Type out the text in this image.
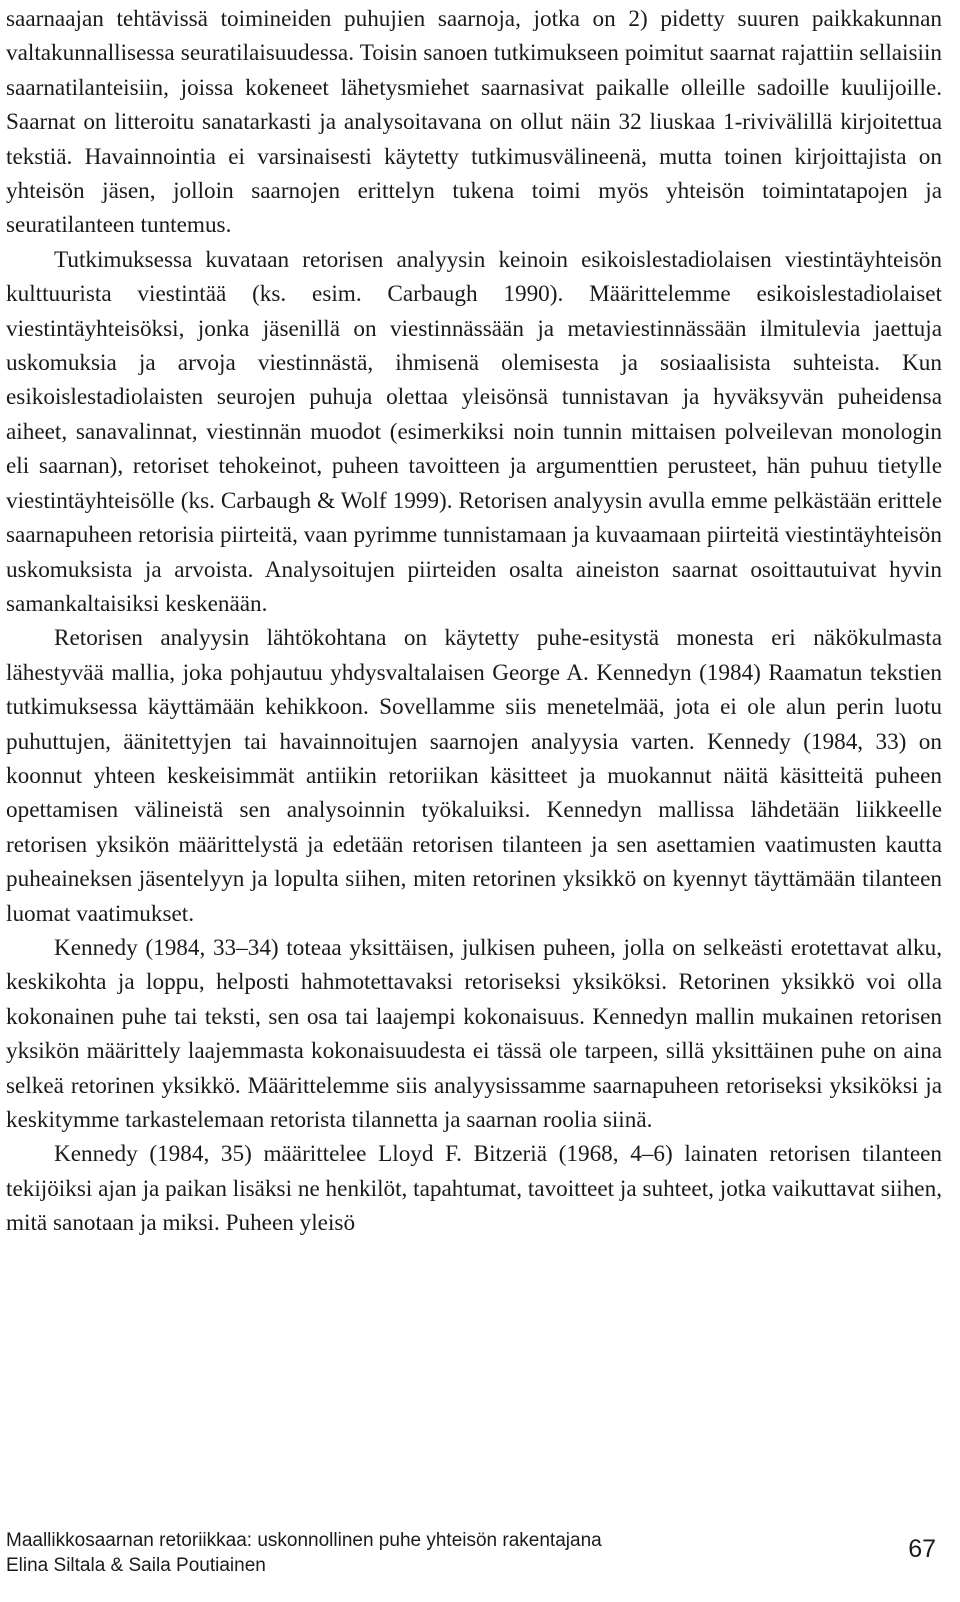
saarnaajan tehtävissä toimineiden puhujien saarnoja, jotka on 2) pidetty suuren paikkakunnan valtakunnallisessa seuratilaisuudessa. Toisin sanoen tutkimukseen poimitut saarnat rajattiin sellaisiin saarnatilanteisiin, joissa kokeneet lähetysmiehet saarnasivat paikalle olleille sadoille kuulijoille. Saarnat on litteroitu sanatarkasti ja analysoitavana on ollut näin 32 liuskaa 1-rivivälillä kirjoitettua tekstiä. Havainnointia ei varsinaisesti käytetty tutkimusvälineenä, mutta toinen kirjoittajista on yhteisön jäsen, jolloin saarnojen erittelyn tukena toimi myös yhteisön toimintatapojen ja seuratilanteen tuntemus.

Tutkimuksessa kuvataan retorisen analyysin keinoin esikoislestadiolaisen viestintäyhteisön kulttuurista viestintää (ks. esim. Carbaugh 1990). Määrittelemme esikoislestadiolaiset viestintäyhteisöksi, jonka jäsenillä on viestinnässään ja metaviestinnässään ilmitulevia jaettuja uskomuksia ja arvoja viestinnästä, ihmisenä olemisesta ja sosiaalisista suhteista. Kun esikoislestadiolaisten seurojen puhuja olettaa yleisönsä tunnistavan ja hyväksyvän puheidensa aiheet, sanavalinnat, viestinnän muodot (esimerkiksi noin tunnin mittaisen polveilevan monologin eli saarnan), retoriset tehokeinot, puheen tavoitteen ja argumenttien perusteet, hän puhuu tietylle viestintäyhteisölle (ks. Carbaugh & Wolf 1999). Retorisen analyysin avulla emme pelkästään erittele saarnapuheen retorisia piirteitä, vaan pyrimme tunnistamaan ja kuvaamaan piirteitä viestintäyhteisön uskomuksista ja arvoista. Analysoitujen piirteiden osalta aineiston saarnat osoittautuivat hyvin samankaltaisiksi keskenään.

Retorisen analyysin lähtökohtana on käytetty puhe-esitystä monesta eri näkökulmasta lähestyvää mallia, joka pohjautuu yhdysvaltalaisen George A. Kennedyn (1984) Raamatun tekstien tutkimuksessa käyttämään kehikkoon. Sovellamme siis menetelmää, jota ei ole alun perin luotu puhuttujen, äänitettyjen tai havainnoitujen saarnojen analyysia varten. Kennedy (1984, 33) on koonnut yhteen keskeisimmät antiikin retoriikan käsitteet ja muokannut näitä käsitteitä puheen opettamisen välineistä sen analysoinnin työkaluiksi. Kennedyn mallissa lähdetään liikkeelle retorisen yksikön määrittelystä ja edetään retorisen tilanteen ja sen asettamien vaatimusten kautta puheaineksen jäsentelyyn ja lopulta siihen, miten retorinen yksikkö on kyennyt täyttämään tilanteen luomat vaatimukset.

Kennedy (1984, 33–34) toteaa yksittäisen, julkisen puheen, jolla on selkeästi erotettavat alku, keskikohta ja loppu, helposti hahmotettavaksi retoriseksi yksiköksi. Retorinen yksikkö voi olla kokonainen puhe tai teksti, sen osa tai laajempi kokonaisuus. Kennedyn mallin mukainen retorisen yksikön määrittely laajemmasta kokonaisuudesta ei tässä ole tarpeen, sillä yksittäinen puhe on aina selkeä retorinen yksikkö. Määrittelemme siis analyysissamme saarnapuheen retoriseksi yksiköksi ja keskitymme tarkastelemaan retorista tilannetta ja saarnan roolia siinä.

Kennedy (1984, 35) määrittelee Lloyd F. Bitzeriä (1968, 4–6) lainaten retorisen tilanteen tekijöiksi ajan ja paikan lisäksi ne henkilöt, tapahtumat, tavoitteet ja suhteet, jotka vaikuttavat siihen, mitä sanotaan ja miksi. Puheen yleisö

Maallikkosaarnan retoriikkaa: uskonnollinen puhe yhteisön rakentajana
Elina Siltala & Saila Poutiainen
67
